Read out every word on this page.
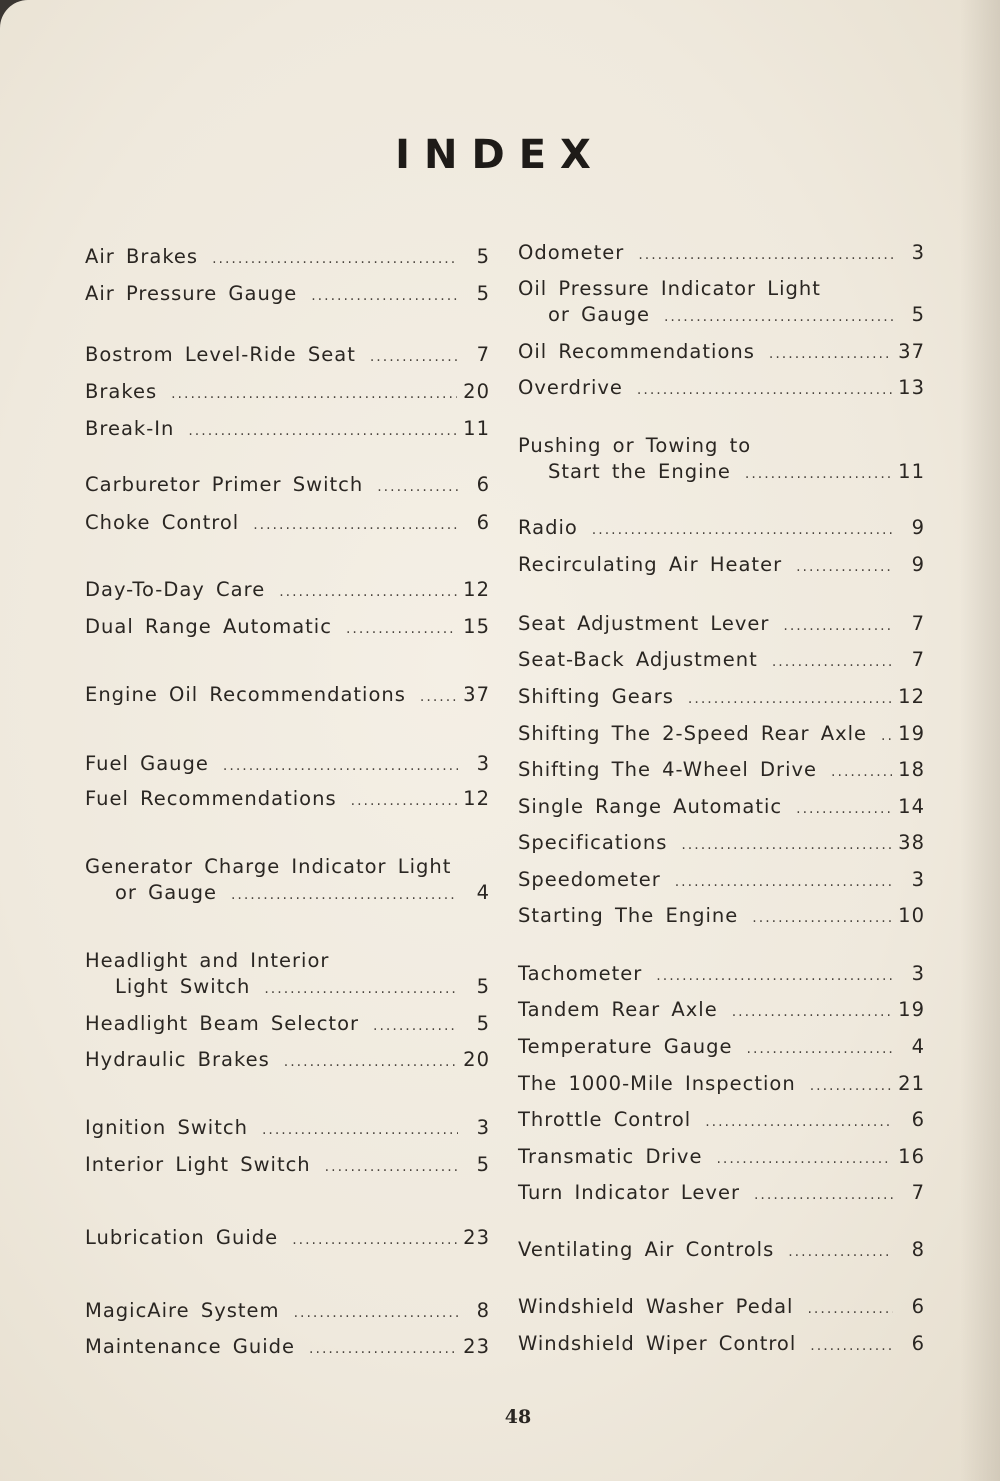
INDEX
Air Brakes .....	5
Air Pressure Gauge .....	5
Bostrom Level-Ride Seat .....	7
Brakes .....	20
Break-In .....	11
Carburetor Primer Switch .....	6
Choke Control .....	6
Day-To-Day Care .....	12
Dual Range Automatic .....	15
Engine Oil Recommendations .....	37
Fuel Gauge .....	3
Fuel Recommendations .....	12
Generator Charge Indicator Light
or Gauge .....	4
Headlight and Interior
Light Switch .....	5
Headlight Beam Selector .....	5
Hydraulic Brakes .....	20
Ignition Switch .....	3
Interior Light Switch .....	5
Lubrication Guide .....	23
MagicAire System .....	8
Maintenance Guide .....	23
Odometer .....	3
Oil Pressure Indicator Light
or Gauge .....	5
Oil Recommendations .....	37
Overdrive .....	13
Pushing or Towing to
Start the Engine .....	11
Radio .....	9
Recirculating Air Heater .....	9
Seat Adjustment Lever .....	7
Seat-Back Adjustment .....	7
Shifting Gears .....	12
Shifting The 2-Speed Rear Axle ..... 19
Shifting The 4-Wheel Drive .....	18
Single Range Automatic .....	14
Specifications .....	38
Speedometer .....	3
Starting The Engine .....	10
Tachometer .....	3
Tandem Rear Axle .....	19
Temperature Gauge .....	4
The 1000-Mile Inspection .....	21
Throttle Control .....	6
Transmatic Drive .....	16
Turn Indicator Lever .....	7
Ventilating Air Controls .....	8
Windshield Washer Pedal .....	6
Windshield Wiper Control .....	6
48
